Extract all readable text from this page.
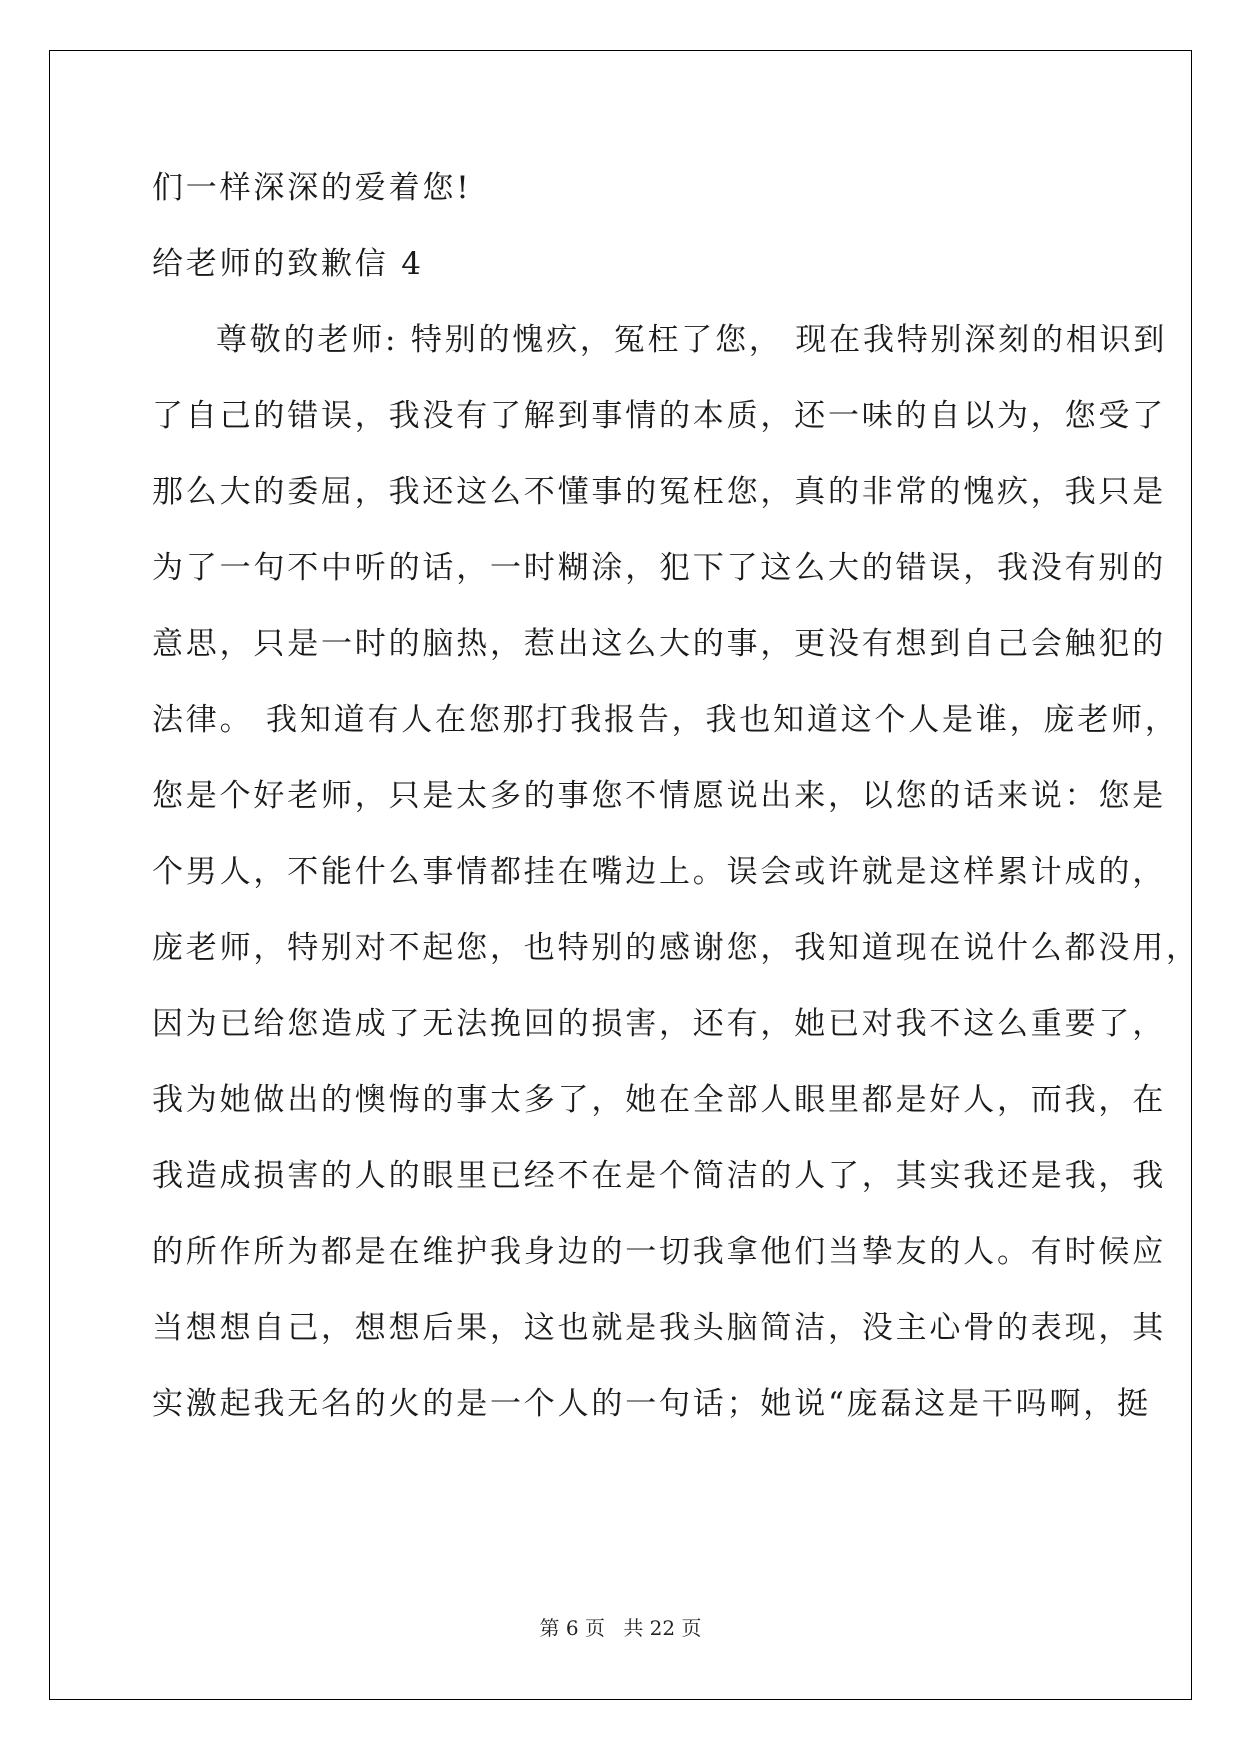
们一样深深的爱着您!
给老师的致歉信 4
尊敬的老师: 特别的愧疚，冤枉了您， 现在我特别深刻的相识到
了自己的错误，我没有了解到事情的本质，还一味的自以为，您受了
那么大的委屈，我还这么不懂事的冤枉您，真的非常的愧疚，我只是
为了一句不中听的话，一时糊涂，犯下了这么大的错误，我没有别的
意思，只是一时的脑热，惹出这么大的事，更没有想到自己会触犯的
法律。 我知道有人在您那打我报告，我也知道这个人是谁，庞老师，
您是个好老师，只是太多的事您不情愿说出来，以您的话来说：您是
个男人，不能什么事情都挂在嘴边上。误会或许就是这样累计成的，
庞老师，特别对不起您，也特别的感谢您，我知道现在说什么都没用，
因为已给您造成了无法挽回的损害，还有，她已对我不这么重要了，
我为她做出的懊悔的事太多了，她在全部人眼里都是好人，而我，在
我造成损害的人的眼里已经不在是个简洁的人了，其实我还是我，我
的所作所为都是在维护我身边的一切我拿他们当挚友的人。有时候应
当想想自己，想想后果，这也就是我头脑简洁，没主心骨的表现，其
实激起我无名的火的是一个人的一句话；她说“庞磊这是干吗啊，挺
第 6 页 共 22 页
